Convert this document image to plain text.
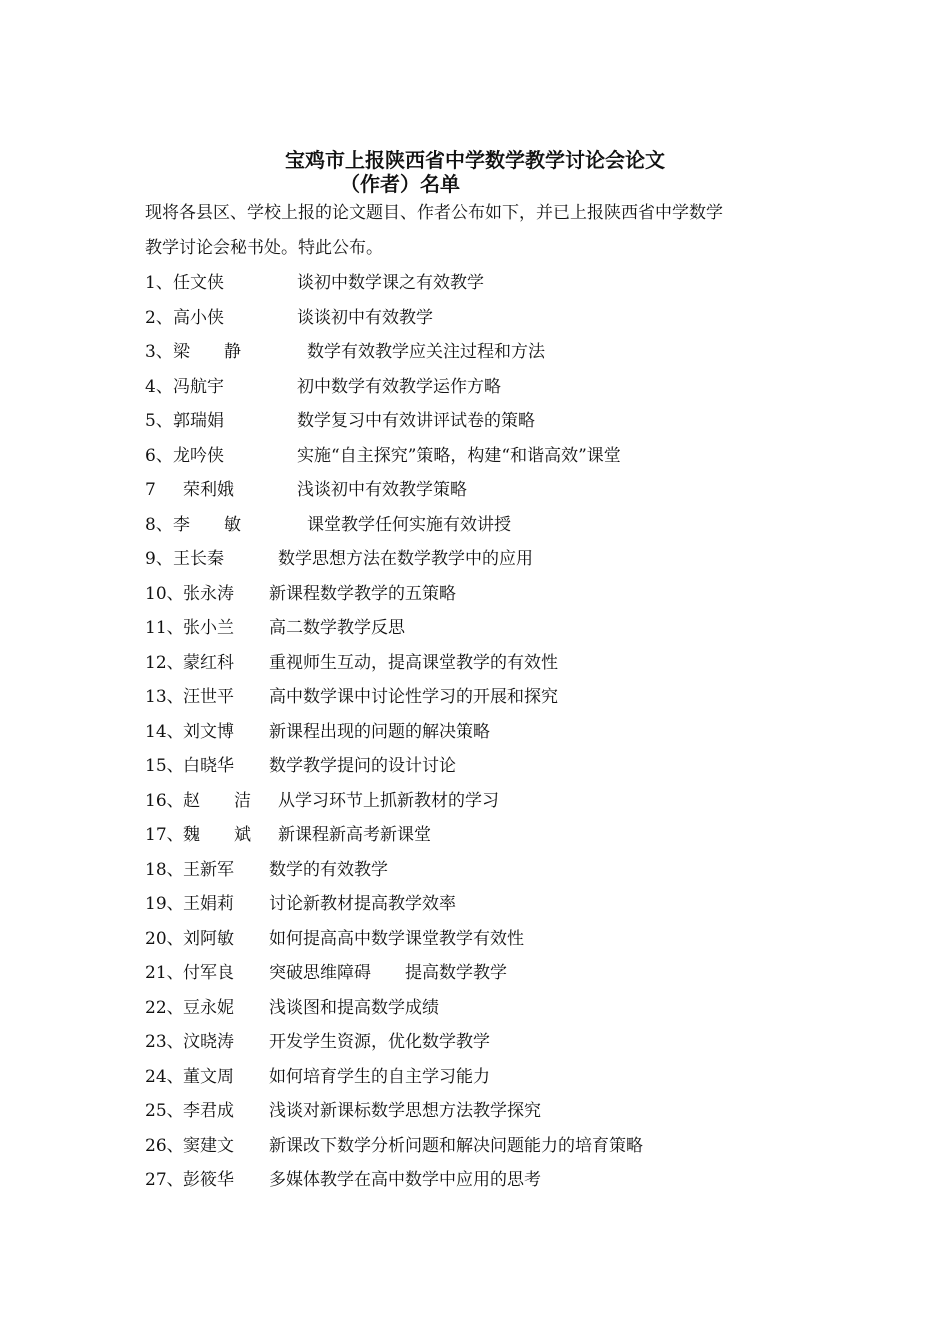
宝鸡市上报陕西省中学数学教学讨论会论文
（作者）名单

现将各县区、学校上报的论文题目、作者公布如下，并已上报陕西省中学数学

教学讨论会秘书处。特此公布。

1、 任文侠	谈初中数学课之有效教学
2、 高小侠	谈谈初中有效教学
3、 梁　　静	数学有效教学应关注过程和方法
4、 冯航宇	初中数学有效教学运作方略
5、 郭瑞娟	数学复习中有效讲评试卷的策略
6、 龙吟侠	实施“自主探究”策略，构建“和谐高效”课堂
7 荣利娥	浅谈初中有效教学策略
8、 李　　敏	课堂教学任何实施有效讲授
9、 王长秦	数学思想方法在数学教学中的应用
10、 张永涛 新课程数学教学的五策略
11、 张小兰 高二数学教学反思
12、 蒙红科 重视师生互动，提高课堂教学的有效性
13、 汪世平 高中数学课中讨论性学习的开展和探究
14、 刘文博 新课程出现的问题的解决策略
15、 白晓华 数学教学提问的设计讨论
16、 赵　　洁 从学习环节上抓新教材的学习
17、 魏　　斌 新课程新高考新课堂
18、 王新军 数学的有效教学
19、 王娟莉 讨论新教材提高教学效率
20、 刘阿敏 如何提高高中数学课堂教学有效性
21、 付军良 突破思维障碍　　提高数学教学
22、 豆永妮 浅谈图和提高数学成绩
23、 汶晓涛 开发学生资源，优化数学教学
24、 董文周 如何培育学生的自主学习能力
25、 李君成 浅谈对新课标数学思想方法教学探究
26、 窦建文 新课改下数学分析问题和解决问题能力的培育策略
27、 彭筱华 多媒体教学在高中数学中应用的思考
